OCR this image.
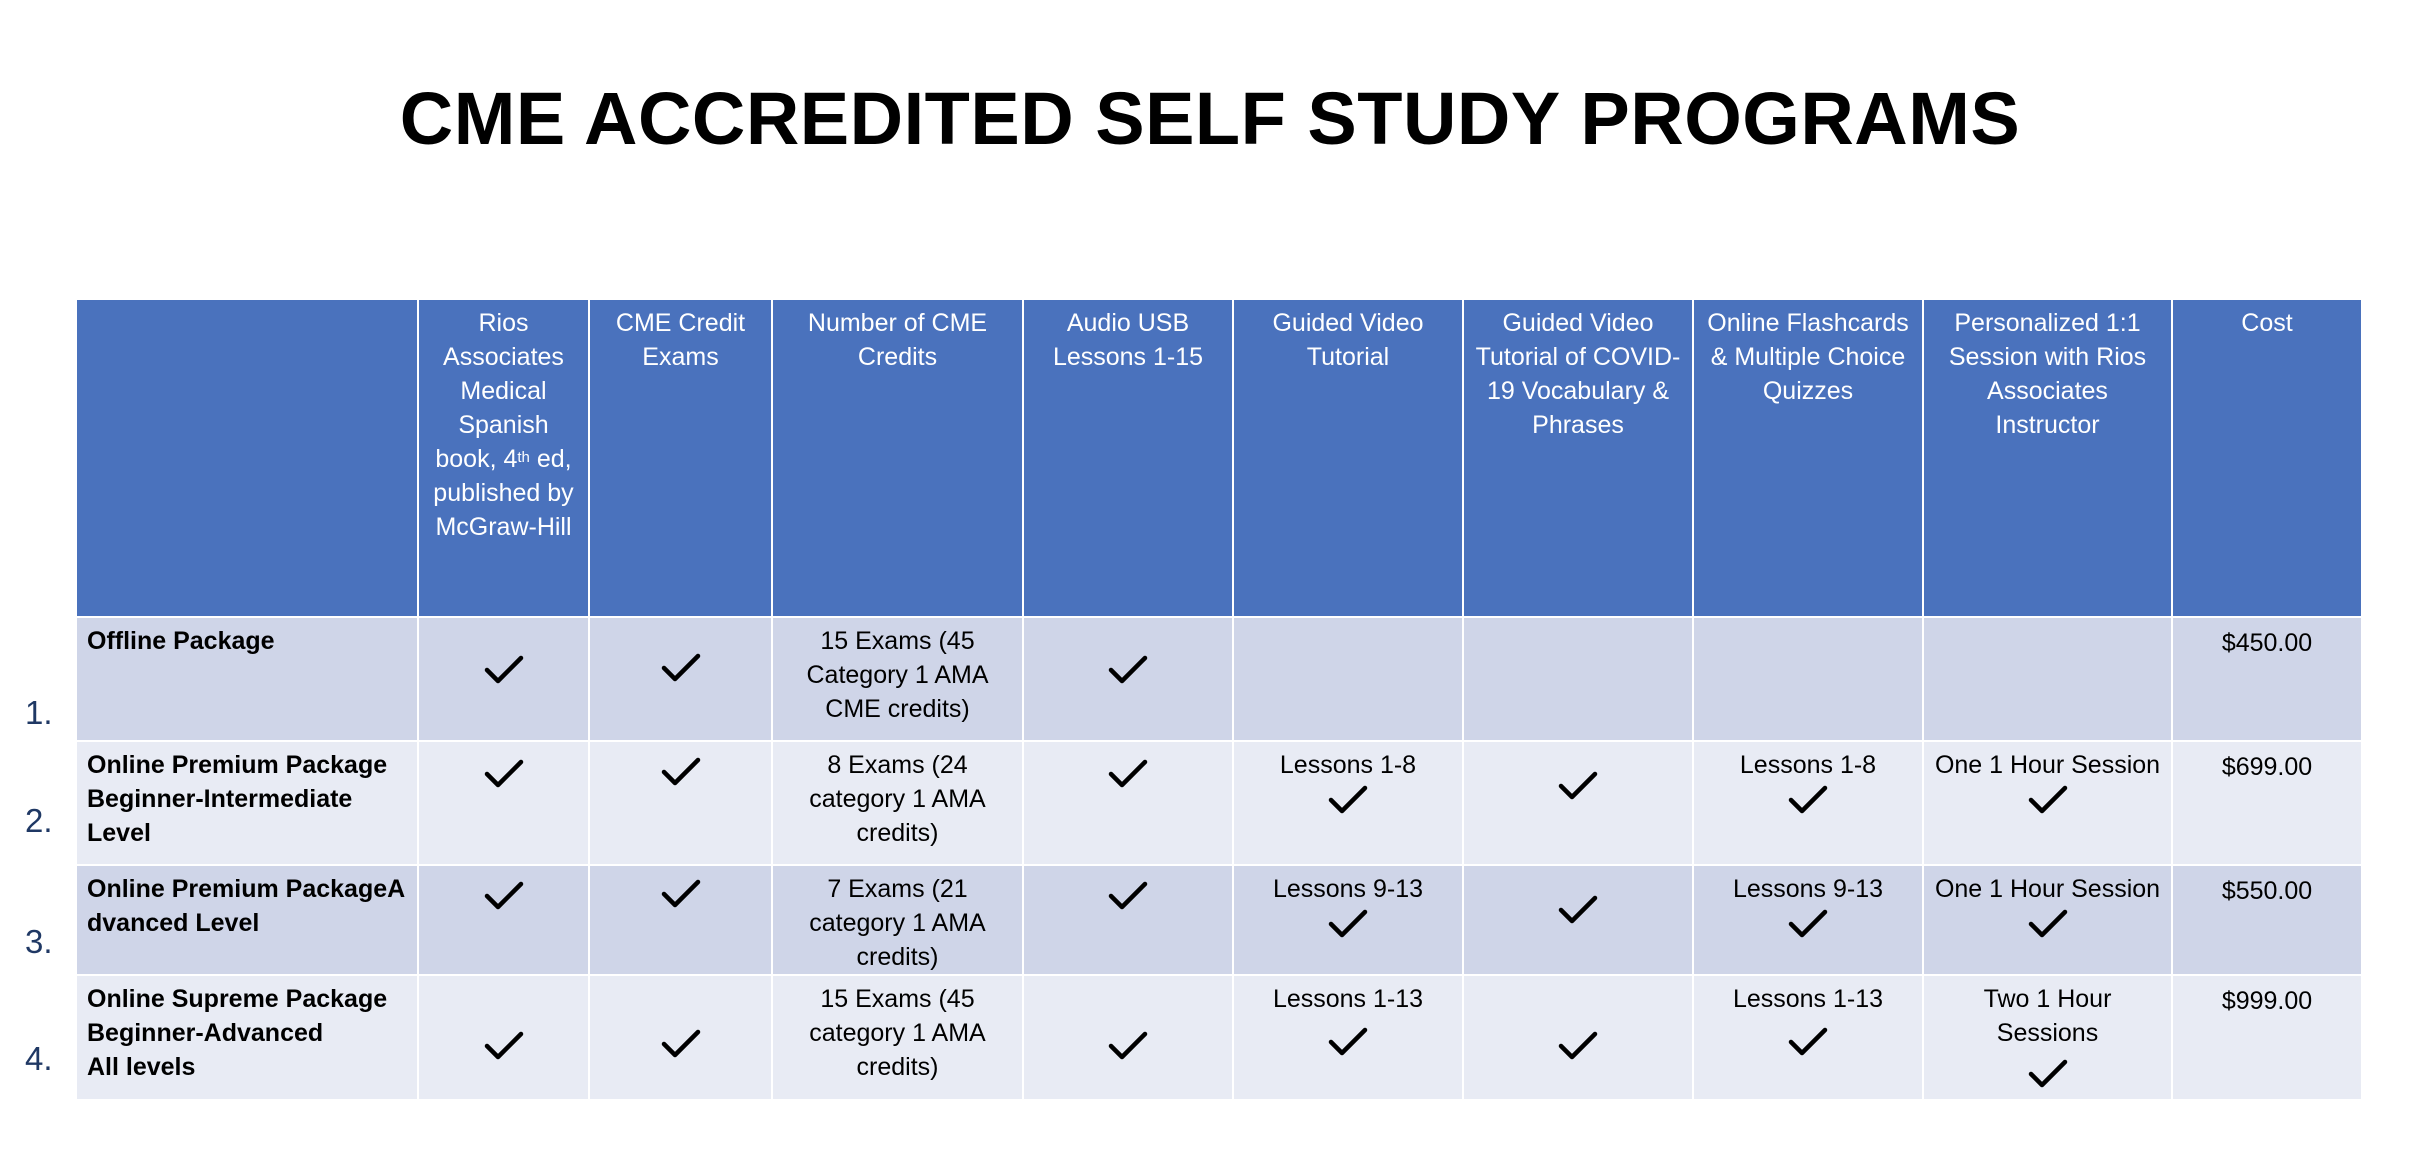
CME ACCREDITED SELF STUDY PROGRAMS
	Rios Associates Medical Spanish book, 4th ed, published by McGraw-Hill	CME Credit Exams	Number of CME Credits	Audio USB Lessons 1-15	Guided Video Tutorial	Guided Video Tutorial of COVID-19 Vocabulary & Phrases	Online Flashcards & Multiple Choice Quizzes	Personalized 1:1 Session with Rios Associates Instructor	Cost

Offline Package			15 Exams (45 Category 1 AMA CME credits)						$450.00

Online Premium Package
Beginner-Intermediate
Level			8 Exams (24 category 1 AMA credits)		Lessons 1-8		Lessons 1-8	One 1 Hour Session	$699.00

Online Premium PackageA
dvanced Level			7 Exams (21 category 1 AMA credits)		Lessons 9-13		Lessons 9-13	One 1 Hour Session	$550.00

Online Supreme Package
Beginner-Advanced
All levels			15 Exams (45 category 1 AMA credits)		Lessons 1-13		Lessons 1-13	Two 1 Hour Sessions	$999.00
1.
2.
3.
4.
